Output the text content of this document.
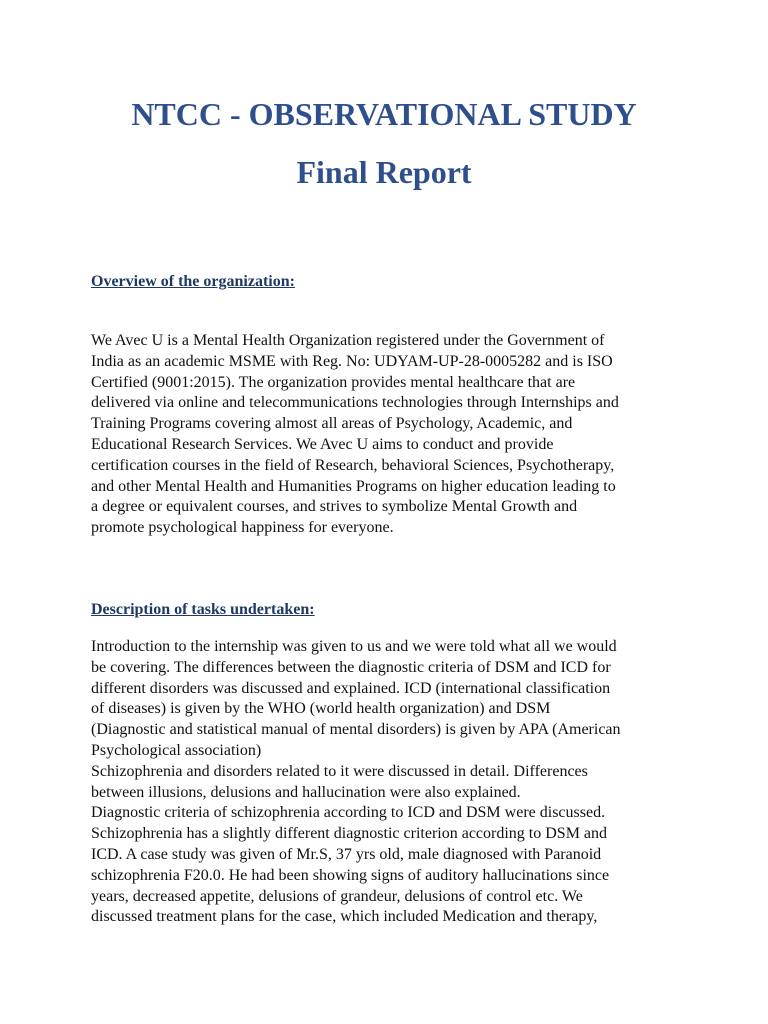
NTCC - OBSERVATIONAL STUDY
Final Report
Overview of the organization:

We Avec U is a Mental Health Organization registered under the Government of
India as an academic MSME with Reg. No: UDYAM-UP-28-0005282 and is ISO
Certified (9001:2015). The organization provides mental healthcare that are
delivered via online and telecommunications technologies through Internships and
Training Programs covering almost all areas of Psychology, Academic, and
Educational Research Services. We Avec U aims to conduct and provide
certification courses in the field of Research, behavioral Sciences, Psychotherapy,
and other Mental Health and Humanities Programs on higher education leading to
a degree or equivalent courses, and strives to symbolize Mental Growth and
promote psychological happiness for everyone.

Description of tasks undertaken:

Introduction to the internship was given to us and we were told what all we would
be covering. The differences between the diagnostic criteria of DSM and ICD for
different disorders was discussed and explained. ICD (international classification
of diseases) is given by the WHO (world health organization) and DSM
(Diagnostic and statistical manual of mental disorders) is given by APA (American
Psychological association)
Schizophrenia and disorders related to it were discussed in detail. Differences
between illusions, delusions and hallucination were also explained.
Diagnostic criteria of schizophrenia according to ICD and DSM were discussed.
Schizophrenia has a slightly different diagnostic criterion according to DSM and
ICD. A case study was given of Mr.S, 37 yrs old, male diagnosed with Paranoid
schizophrenia F20.0. He had been showing signs of auditory hallucinations since
years, decreased appetite, delusions of grandeur, delusions of control etc. We
discussed treatment plans for the case, which included Medication and therapy,
